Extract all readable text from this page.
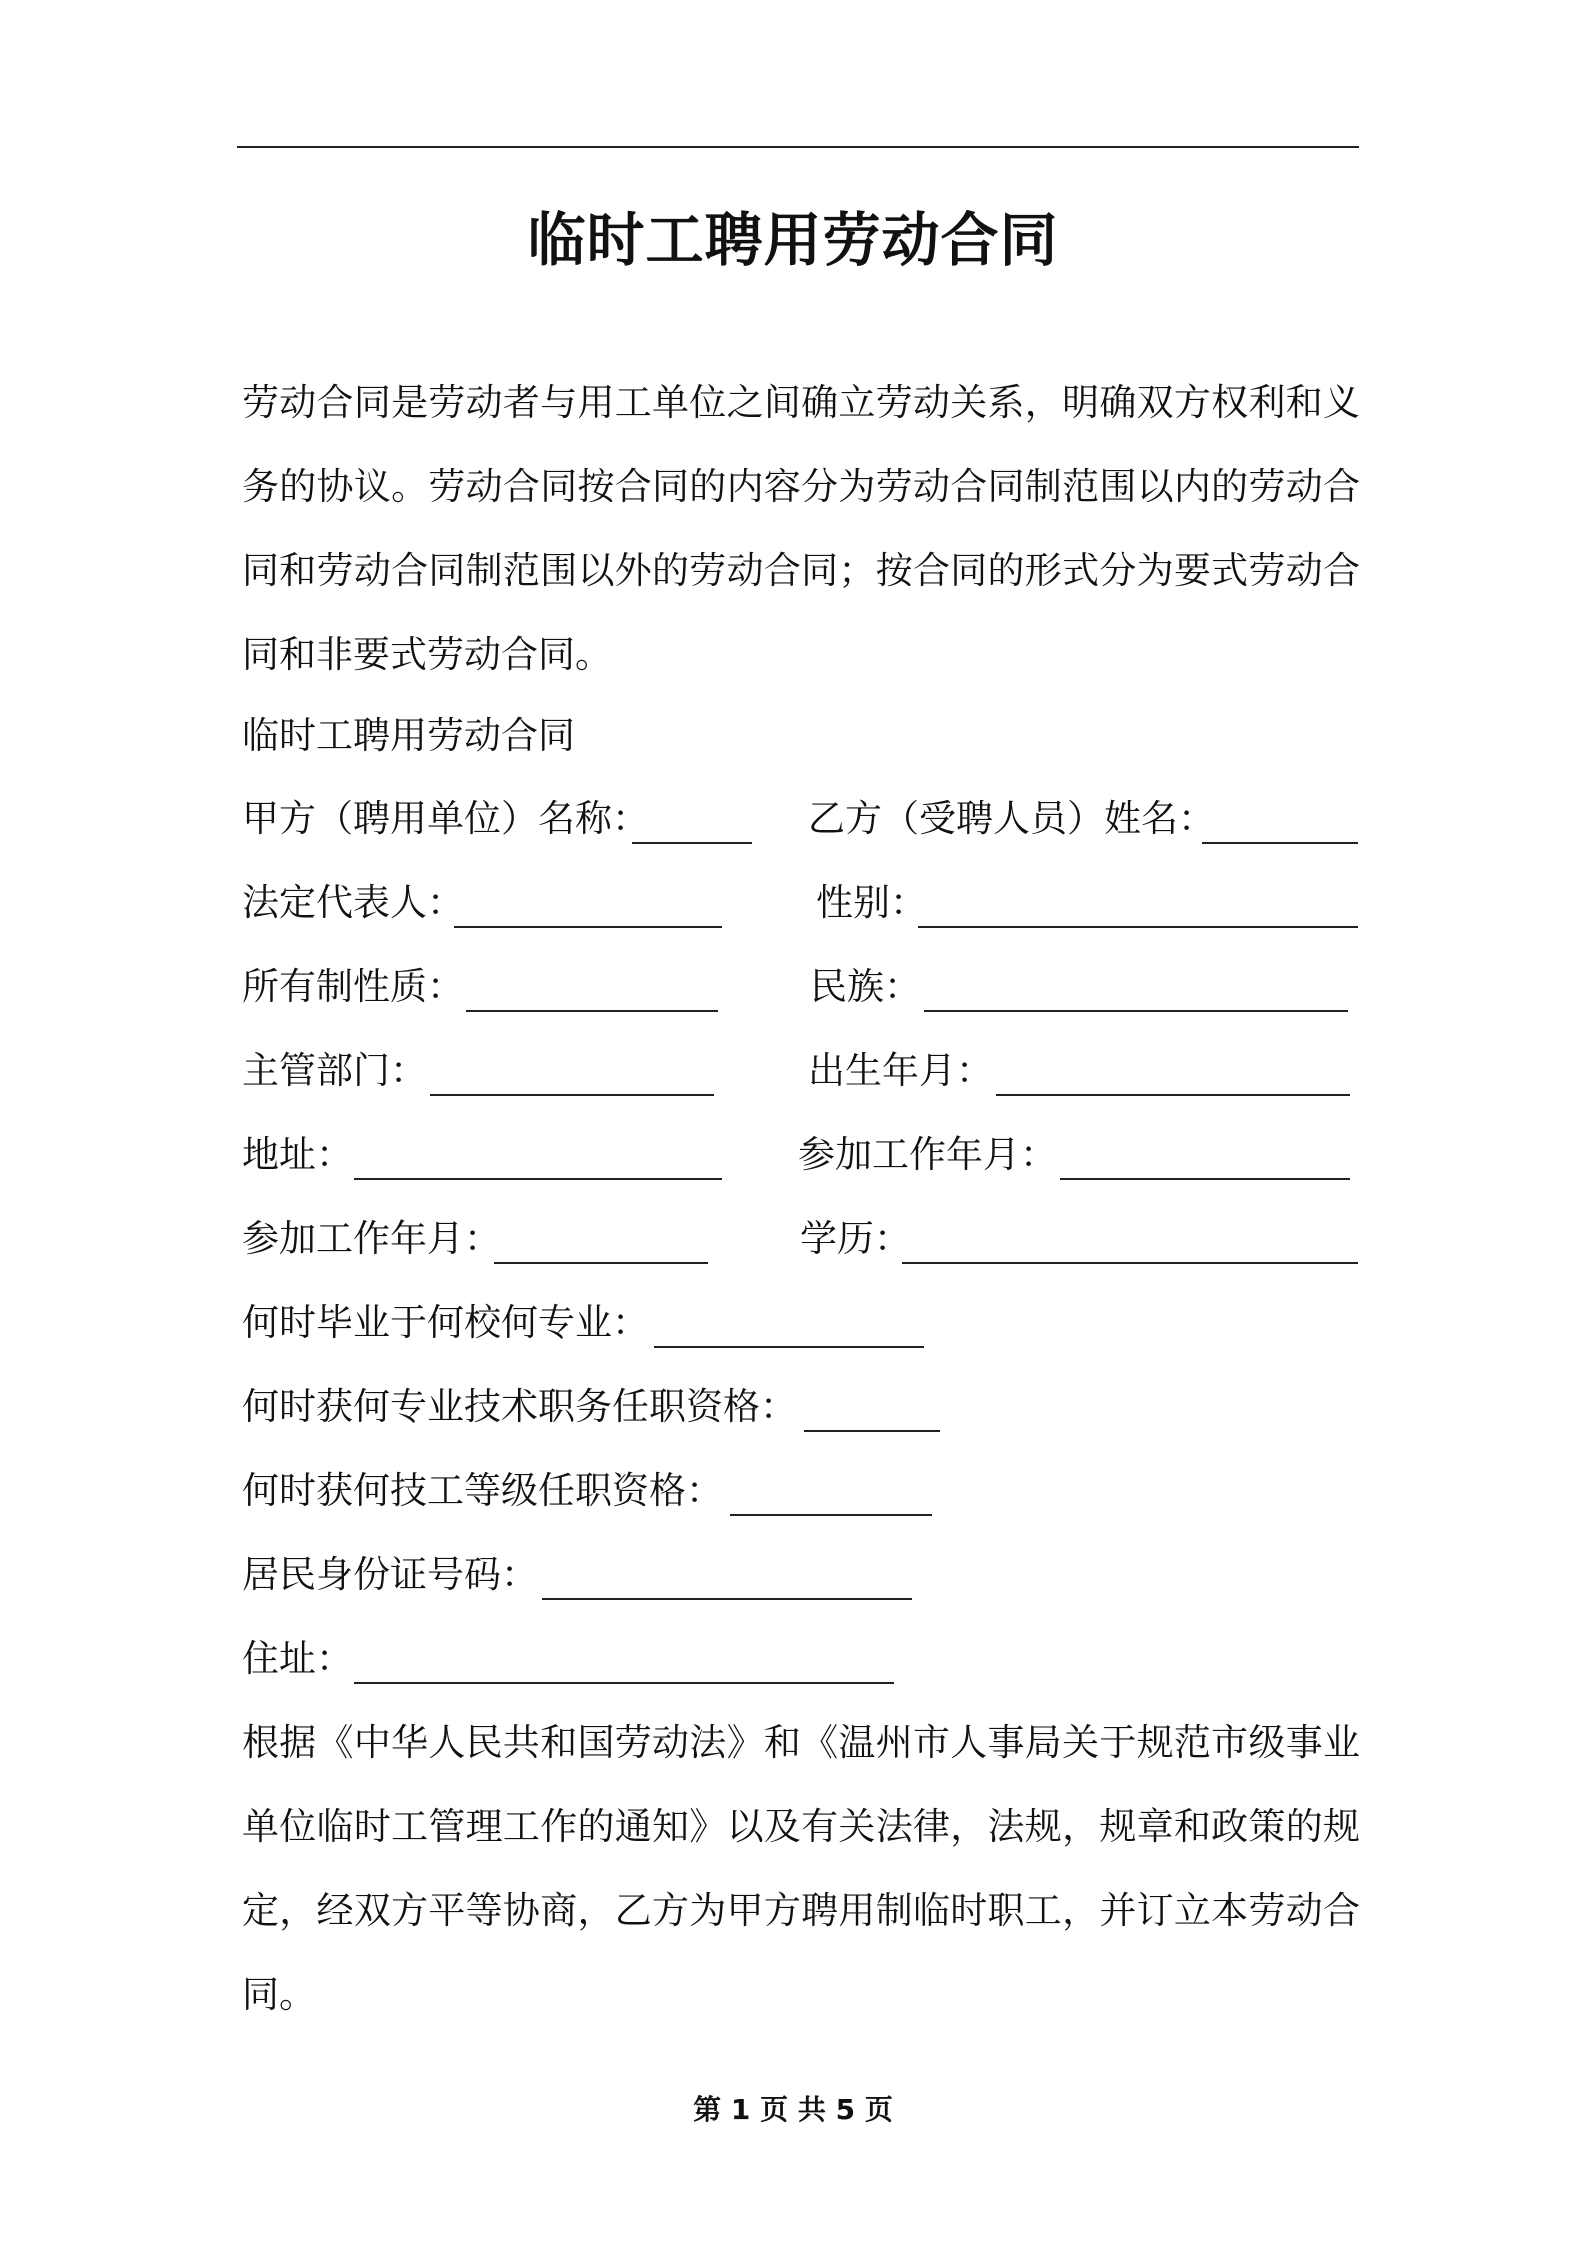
临时工聘用劳动合同

劳动合同是劳动者与用工单位之间确立劳动关系，明确双方权利和义务的协议。劳动合同按合同的内容分为劳动合同制范围以内的劳动合同和劳动合同制范围以外的劳动合同；按合同的形式分为要式劳动合同和非要式劳动合同。

临时工聘用劳动合同
甲方（聘用单位）名称：	乙方（受聘人员）姓名：
法定代表人：	性别：
所有制性质：	民族：
主管部门：	出生年月：
地址：	参加工作年月：
参加工作年月：	学历：
何时毕业于何校何专业：
何时获何专业技术职务任职资格：
何时获何技工等级任职资格：
居民身份证号码：
住址：

根据《中华人民共和国劳动法》和《温州市人事局关于规范市级事业单位临时工管理工作的通知》以及有关法律，法规，规章和政策的规定，经双方平等协商，乙方为甲方聘用制临时职工，并订立本劳动合同。

第 1 页 共 5 页
